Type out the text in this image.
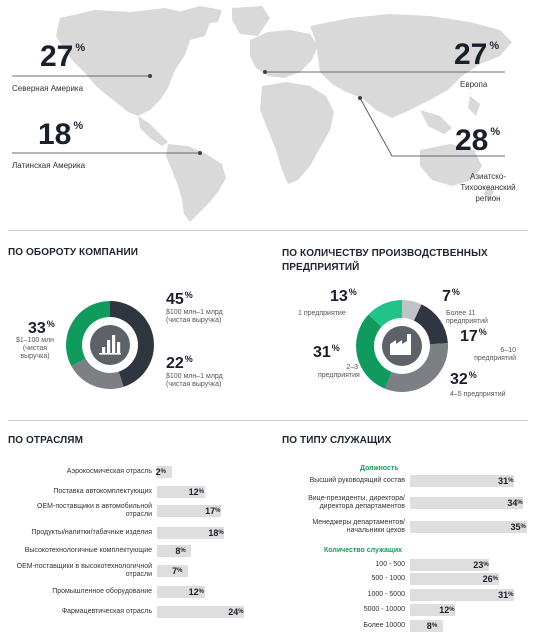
27 %
Северная Америка
18 %
Латинская Америка
27 %
Европа
28 %
Азиатско-Тихоокеанский регион
ПО ОБОРОТУ КОМПАНИИ
45%
$100 млн–1 млрд (чистая выручка)
22%
$100 млн–1 млрд (чистая выручка)
33%
$1–100 млн (чистая выручка)
ПО КОЛИЧЕСТВУ ПРОИЗВОДСТВЕННЫХ ПРЕДПРИЯТИЙ
13%
1 предприятие
7%
Более 11 предприятий
17%
6–10 предприятий
31%
2–3 предприятия	32%
4–5 предприятий
ПО ОТРАСЛЯМ
Аэрокосмическая отрасль 2%
Поставка автокомплектующих	12%
OEM-поставщики в автомобильной отрасли	17%
Продукты/напитки/табачные изделия	18%
Высокотехнологичные комплектующие	8%
OEM-поставщики в высокотехнологичной отрасли 7%
Промышленное оборудование	12%
Фармацевтическая отрасль	24%
ПО ТИПУ СЛУЖАЩИХ
Должность
Высший руководящий состав	31%
Вице-президенты, директора/директора департаментов	34%
Менеджеры департаментов/ начальники цехов	35%
Количество служащих
100 - 500	23%
500 - 1000	26%
1000 - 5000	31%
5000 - 10000	12%
Более 10000 8%
